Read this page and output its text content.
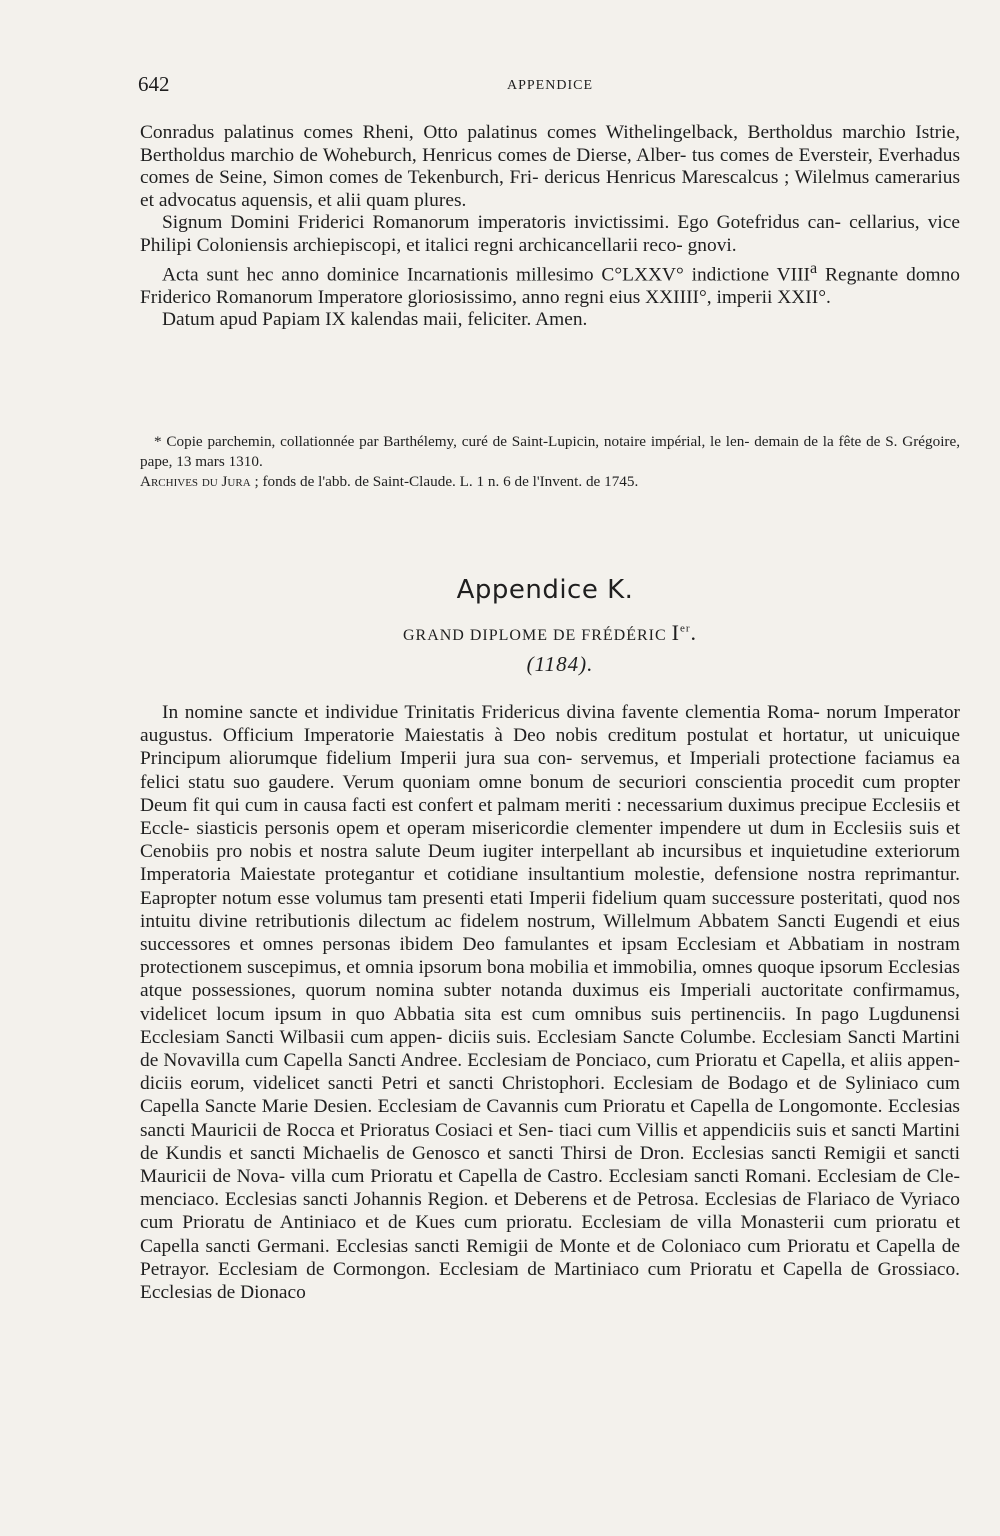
642	APPENDICE

Conradus palatinus comes Rheni, Otto palatinus comes Withelingelback, Bertholdus marchio Istrie, Bertholdus marchio de Woheburch, Henricus comes de Dierse, Alber- tus comes de Eversteir, Everhadus comes de Seine, Simon comes de Tekenburch, Fri- dericus Henricus Marescalcus ; Wilelmus camerarius et advocatus aquensis, et alii quam plures.

Signum Domini Friderici Romanorum imperatoris invictissimi. Ego Gotefridus can- cellarius, vice Philipi Coloniensis archiepiscopi, et italici regni archicancellarii reco- gnovi.

Acta sunt hec anno dominice Incarnationis millesimo C°LXXV° indictione VIII$^a$ Regnante domno Friderico Romanorum Imperatore gloriosissimo, anno regni eius XXIIII°, imperii XXII°.

Datum apud Papiam IX kalendas maii, feliciter. Amen.

* Copie parchemin, collationnée par Barthélemy, curé de Saint-Lupicin, notaire impérial, le len- demain de la fête de S. Grégoire, pape, 13 mars 1310.

Archives du Jura ; fonds de l'abb. de Saint-Claude. L. 1 n. 6 de l'Invent. de 1745.

Appendice K.
GRAND DIPLOME DE FRÉDÉRIC Ier.
(1184).

In nomine sancte et individue Trinitatis Fridericus divina favente clementia Roma- norum Imperator augustus. Officium Imperatorie Maiestatis à Deo nobis creditum postulat et hortatur, ut unicuique Principum aliorumque fidelium Imperii jura sua con- servemus, et Imperiali protectione faciamus ea felici statu suo gaudere. Verum quoniam omne bonum de securiori conscientia procedit cum propter Deum fit qui cum in causa facti est confert et palmam meriti : necessarium duximus precipue Ecclesiis et Eccle- siasticis personis opem et operam misericordie clementer impendere ut dum in Ecclesiis suis et Cenobiis pro nobis et nostra salute Deum iugiter interpellant ab incursibus et inquietudine exteriorum Imperatoria Maiestate protegantur et cotidiane insultantium molestie, defensione nostra reprimantur. Eapropter notum esse volumus tam presenti etati Imperii fidelium quam successure posteritati, quod nos intuitu divine retributionis dilectum ac fidelem nostrum, Willelmum Abbatem Sancti Eugendi et eius successores et omnes personas ibidem Deo famulantes et ipsam Ecclesiam et Abbatiam in nostram protectionem suscepimus, et omnia ipsorum bona mobilia et immobilia, omnes quoque ipsorum Ecclesias atque possessiones, quorum nomina subter notanda duximus eis Imperiali auctoritate confirmamus, videlicet locum ipsum in quo Abbatia sita est cum omnibus suis pertinenciis. In pago Lugdunensi Ecclesiam Sancti Wilbasii cum appen- diciis suis. Ecclesiam Sancte Columbe. Ecclesiam Sancti Martini de Novavilla cum Capella Sancti Andree. Ecclesiam de Ponciaco, cum Prioratu et Capella, et aliis appen- diciis eorum, videlicet sancti Petri et sancti Christophori. Ecclesiam de Bodago et de Syliniaco cum Capella Sancte Marie Desien. Ecclesiam de Cavannis cum Prioratu et Capella de Longomonte. Ecclesias sancti Mauricii de Rocca et Prioratus Cosiaci et Sen- tiaci cum Villis et appendiciis suis et sancti Martini de Kundis et sancti Michaelis de Genosco et sancti Thirsi de Dron. Ecclesias sancti Remigii et sancti Mauricii de Nova- villa cum Prioratu et Capella de Castro. Ecclesiam sancti Romani. Ecclesiam de Cle- menciaco. Ecclesias sancti Johannis Region. et Deberens et de Petrosa. Ecclesias de Flariaco de Vyriaco cum Prioratu de Antiniaco et de Kues cum prioratu. Ecclesiam de villa Monasterii cum prioratu et Capella sancti Germani. Ecclesias sancti Remigii de Monte et de Coloniaco cum Prioratu et Capella de Petrayor. Ecclesiam de Cormongon. Ecclesiam de Martiniaco cum Prioratu et Capella de Grossiaco. Ecclesias de Dionaco
